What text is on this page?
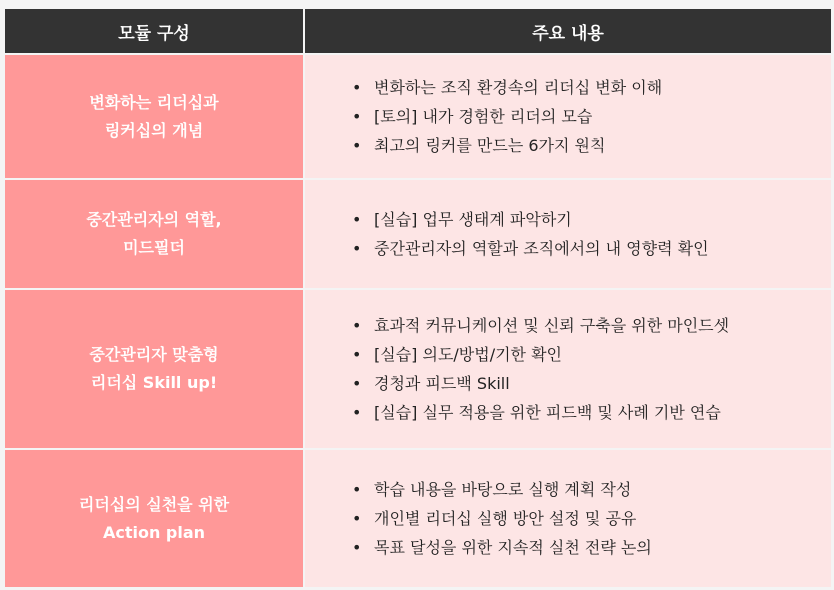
모듈 구성	주요 내용
변화하는 리더십과
링커십의 개념
• 변화하는 조직 환경속의 리더십 변화 이해
• [토의] 내가 경험한 리더의 모습
• 최고의 링커를 만드는 6가지 원칙
중간관리자의 역할,
미드필더
• [실습] 업무 생태계 파악하기
• 중간관리자의 역할과 조직에서의 내 영향력 확인
중간관리자 맞춤형
리더십 Skill up!
• 효과적 커뮤니케이션 및 신뢰 구축을 위한 마인드셋
• [실습] 의도/방법/기한 확인
• 경청과 피드백 Skill
• [실습] 실무 적용을 위한 피드백 및 사례 기반 연습
리더십의 실천을 위한
Action plan
• 학습 내용을 바탕으로 실행 계획 작성
• 개인별 리더십 실행 방안 설정 및 공유
• 목표 달성을 위한 지속적 실천 전략 논의
